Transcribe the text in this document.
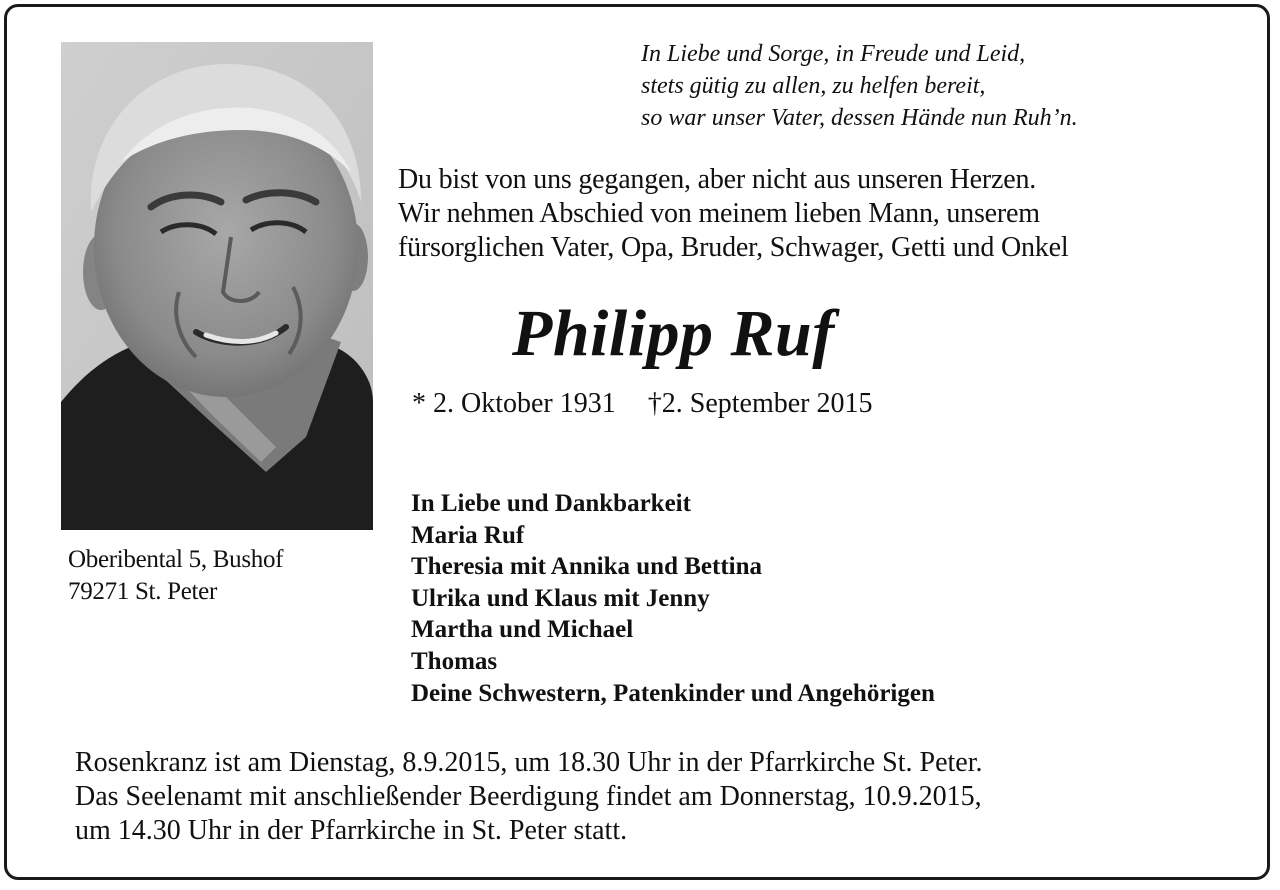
Oberibental 5, Bushof
79271 St. Peter
In Liebe und Sorge, in Freude und Leid,
stets gütig zu allen, zu helfen bereit,
so war unser Vater, dessen Hände nun Ruh’n.
Du bist von uns gegangen, aber nicht aus unseren Herzen.
Wir nehmen Abschied von meinem lieben Mann, unserem
fürsorglichen Vater, Opa, Bruder, Schwager, Getti und Onkel
Philipp Ruf
* 2. Oktober 1931 †2. September 2015
In Liebe und Dankbarkeit
Maria Ruf
Theresia mit Annika und Bettina
Ulrika und Klaus mit Jenny
Martha und Michael
Thomas
Deine Schwestern, Patenkinder und Angehörigen
Rosenkranz ist am Dienstag, 8.9.2015, um 18.30 Uhr in der Pfarrkirche St. Peter.
Das Seelenamt mit anschließender Beerdigung findet am Donnerstag, 10.9.2015,
um 14.30 Uhr in der Pfarrkirche in St. Peter statt.
